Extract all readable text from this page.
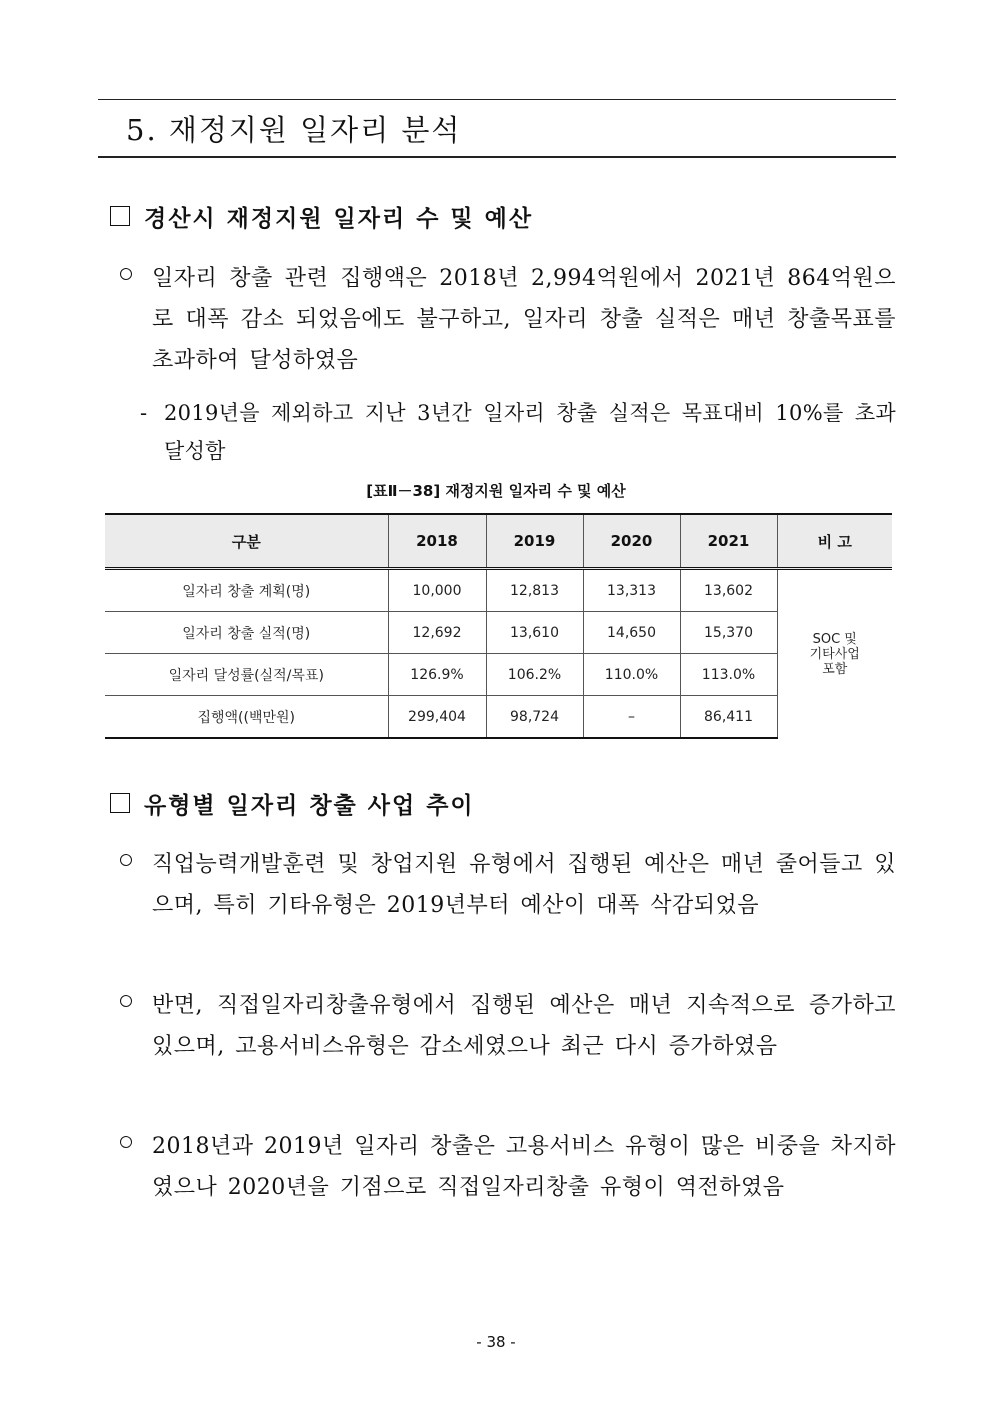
5. 재정지원 일자리 분석
경산시 재정지원 일자리 수 및 예산
일자리 창출 관련 집행액은 2018년 2,994억원에서 2021년 864억원으로 대폭 감소 되었음에도 불구하고, 일자리 창출 실적은 매년 창출목표를 초과하여 달성하였음
- 2019년을 제외하고 지난 3년간 일자리 창출 실적은 목표대비 10%를 초과 달성함
[표Ⅱ－38] 재정지원 일자리 수 및 예산
구분	2018	2019	2020	2021	비 고
일자리 창출 계획(명)	10,000	12,813	13,313	13,602	SOC 및
기타사업
포함

일자리 창출 실적(명)	12,692	13,610	14,650	15,370	
일자리 달성률(실적/목표)	126.9%	106.2%	110.0%	113.0%	
집행액((백만원)	299,404	98,724	–	86,411	
유형별 일자리 창출 사업 추이
직업능력개발훈련 및 창업지원 유형에서 집행된 예산은 매년 줄어들고 있으며, 특히 기타유형은 2019년부터 예산이 대폭 삭감되었음
반면, 직접일자리창출유형에서 집행된 예산은 매년 지속적으로 증가하고 있으며, 고용서비스유형은 감소세였으나 최근 다시 증가하였음
2018년과 2019년 일자리 창출은 고용서비스 유형이 많은 비중을 차지하였으나 2020년을 기점으로 직접일자리창출 유형이 역전하였음
- 38 -
